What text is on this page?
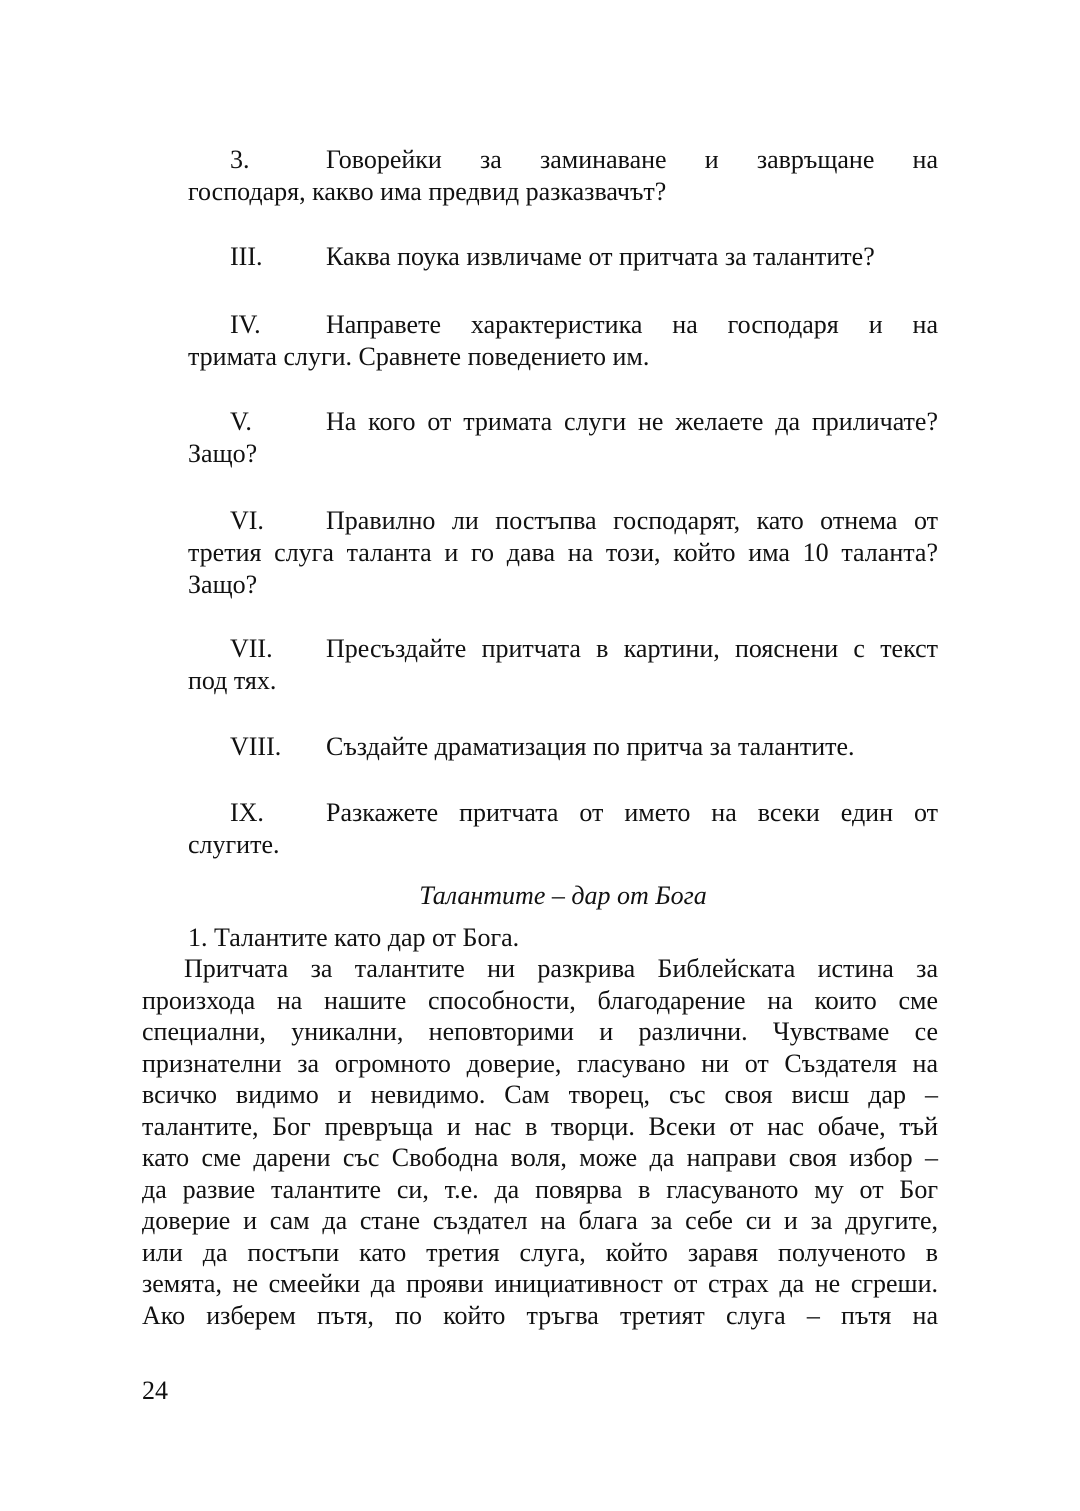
3.	Говорейки за заминаване и завръщане на
господаря, какво има предвид разказвачът?
III.	Каква поука извличаме от притчата за талантите?
IV.	Направете характеристика на господаря и на
тримата слуги. Сравнете поведението им.
V.	На кого от тримата слуги не желаете да приличате?
Защо?
VI.	Правилно ли постъпва господарят, като отнема от
третия слуга таланта и го дава на този, който има 10 таланта? Защо?
VII.	Пресъздайте притчата в картини, пояснени с текст
под тях.
VIII.	Създайте драматизация по притча за талантите.
IX.	Разкажете притчата от името на всеки един от
слугите.

Талантите – дар от Бога

1. Талантите като дар от Бога.

Притчата за талантите ни разкрива Библейската истина за
произхода на нашите способности, благодарение на които сме
специални, уникални, неповторими и различни. Чувстваме се
признателни за огромното доверие, гласувано ни от Създателя на
всичко видимо и невидимо. Сам творец, със своя висш дар –
талантите, Бог превръща и нас в творци. Всеки от нас обаче, тъй
като сме дарени със Свободна воля, може да направи своя избор –
да развие талантите си, т.е. да повярва в гласуваното му от Бог
доверие и сам да стане създател на блага за себе си и за другите,
или да постъпи като третия слуга, който заравя полученото в
земята, не смеейки да прояви инициативност от страх да не сгреши.
Ако изберем пътя, по който тръгва третият слуга – пътя на

24
